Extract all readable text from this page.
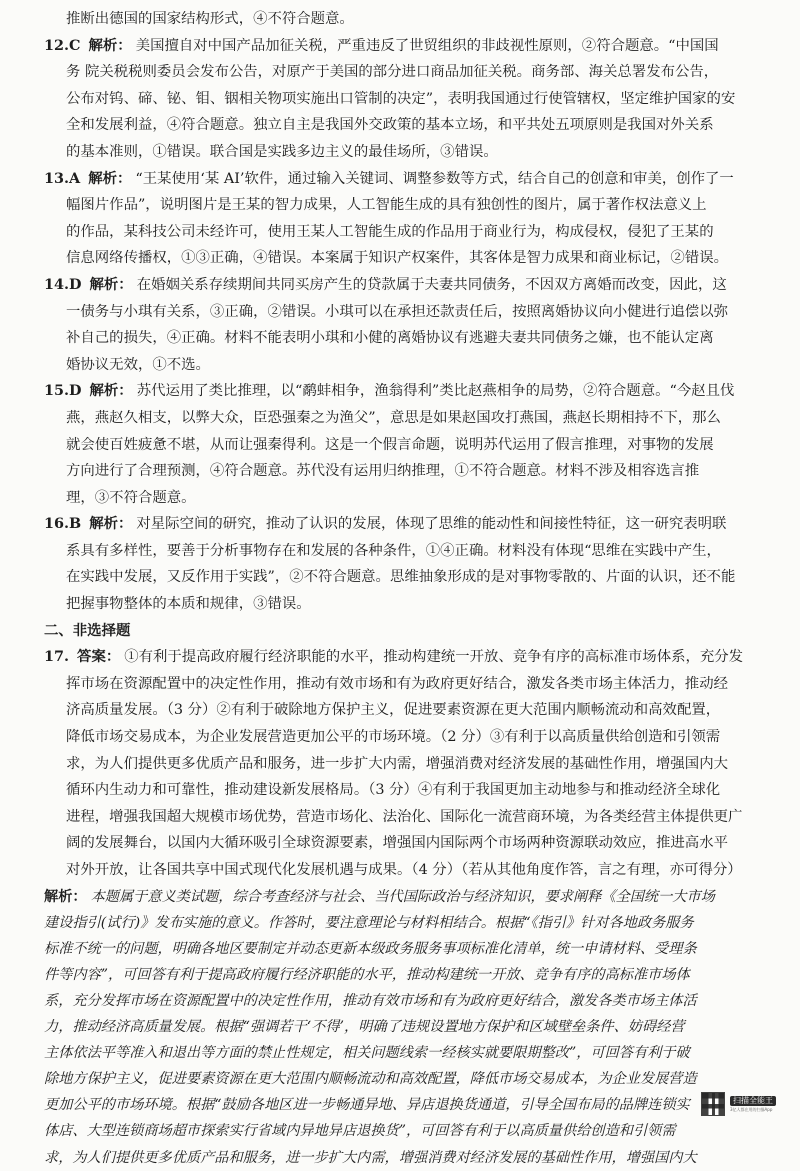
推断出德国的国家结构形式，④不符合题意。
12.C 解析： 美国擅自对中国产品加征关税，严重违反了世贸组织的非歧视性原则，②符合题意。“中国国
务 院关税税则委员会发布公告，对原产于美国的部分进口商品加征关税。商务部、海关总署发布公告，
公布对钨、碲、铋、钼、铟相关物项实施出口管制的决定”，表明我国通过行使管辖权，坚定维护国家的安
全和发展利益，④符合题意。独立自主是我国外交政策的基本立场，和平共处五项原则是我国对外关系
的基本准则，①错误。联合国是实践多边主义的最佳场所，③错误。
13.A 解析： “王某使用‘某 AI’软件，通过输入关键词、调整参数等方式，结合自己的创意和审美，创作了一
幅图片作品”，说明图片是王某的智力成果，人工智能生成的具有独创性的图片，属于著作权法意义上
的作品，某科技公司未经许可，使用王某人工智能生成的作品用于商业行为，构成侵权，侵犯了王某的
信息网络传播权，①③正确，④错误。本案属于知识产权案件，其客体是智力成果和商业标记，②错误。
14.D 解析： 在婚姻关系存续期间共同买房产生的贷款属于夫妻共同债务，不因双方离婚而改变，因此，这
一债务与小琪有关系，③正确，②错误。小琪可以在承担还款责任后，按照离婚协议向小健进行追偿以弥
补自己的损失，④正确。材料不能表明小琪和小健的离婚协议有逃避夫妻共同债务之嫌，也不能认定离
婚协议无效，①不选。
15.D 解析： 苏代运用了类比推理，以“鹬蚌相争，渔翁得利”类比赵燕相争的局势，②符合题意。“今赵且伐
燕，燕赵久相支，以弊大众，臣恐强秦之为渔父”，意思是如果赵国攻打燕国，燕赵长期相持不下，那么
就会使百姓疲惫不堪，从而让强秦得利。这是一个假言命题，说明苏代运用了假言推理，对事物的发展
方向进行了合理预测，④符合题意。苏代没有运用归纳推理，①不符合题意。材料不涉及相容选言推
理，③不符合题意。
16.B 解析： 对星际空间的研究，推动了认识的发展，体现了思维的能动性和间接性特征，这一研究表明联
系具有多样性，要善于分析事物存在和发展的各种条件，①④正确。材料没有体现“思维在实践中产生，
在实践中发展，又反作用于实践”，②不符合题意。思维抽象形成的是对事物零散的、片面的认识，还不能
把握事物整体的本质和规律，③错误。
二、非选择题
17. 答案： ①有利于提高政府履行经济职能的水平，推动构建统一开放、竞争有序的高标准市场体系，充分发
挥市场在资源配置中的决定性作用，推动有效市场和有为政府更好结合，激发各类市场主体活力，推动经
济高质量发展。（3 分）②有利于破除地方保护主义，促进要素资源在更大范围内顺畅流动和高效配置，
降低市场交易成本，为企业发展营造更加公平的市场环境。（2 分）③有利于以高质量供给创造和引领需
求，为人们提供更多优质产品和服务，进一步扩大内需，增强消费对经济发展的基础性作用，增强国内大
循环内生动力和可靠性，推动建设新发展格局。（3 分）④有利于我国更加主动地参与和推动经济全球化
进程，增强我国超大规模市场优势，营造市场化、法治化、国际化一流营商环境，为各类经营主体提供更广
阔的发展舞台，以国内大循环吸引全球资源要素，增强国内国际两个市场两种资源联动效应，推进高水平
对外开放，让各国共享中国式现代化发展机遇与成果。（4 分）（若从其他角度作答，言之有理，亦可得分）
解析： 本题属于意义类试题，综合考查经济与社会、当代国际政治与经济知识，要求阐释《全国统一大市场
建设指引(试行)》发布实施的意义。作答时，要注意理论与材料相结合。根据“《指引》针对各地政务服务
标准不统一的问题，明确各地区要制定并动态更新本级政务服务事项标准化清单，统一申请材料、受理条
件等内容”，可回答有利于提高政府履行经济职能的水平，推动构建统一开放、竞争有序的高标准市场体
系，充分发挥市场在资源配置中的决定性作用，推动有效市场和有为政府更好结合，激发各类市场主体活
力，推动经济高质量发展。根据“强调若干‘不得’，明确了违规设置地方保护和区域壁垒条件、妨碍经营
主体依法平等准入和退出等方面的禁止性规定，相关问题线索一经核实就要限期整改”，可回答有利于破
除地方保护主义，促进要素资源在更大范围内顺畅流动和高效配置，降低市场交易成本，为企业发展营造
更加公平的市场环境。根据“鼓励各地区进一步畅通异地、异店退换货通道，引导全国布局的品牌连锁实
体店、大型连锁商场超市探索实行省域内异地异店退换货”，可回答有利于以高质量供给创造和引领需
求，为人们提供更多优质产品和服务，进一步扩大内需，增强消费对经济发展的基础性作用，增强国内大
扫描全能王
3亿人都在用的扫描App
